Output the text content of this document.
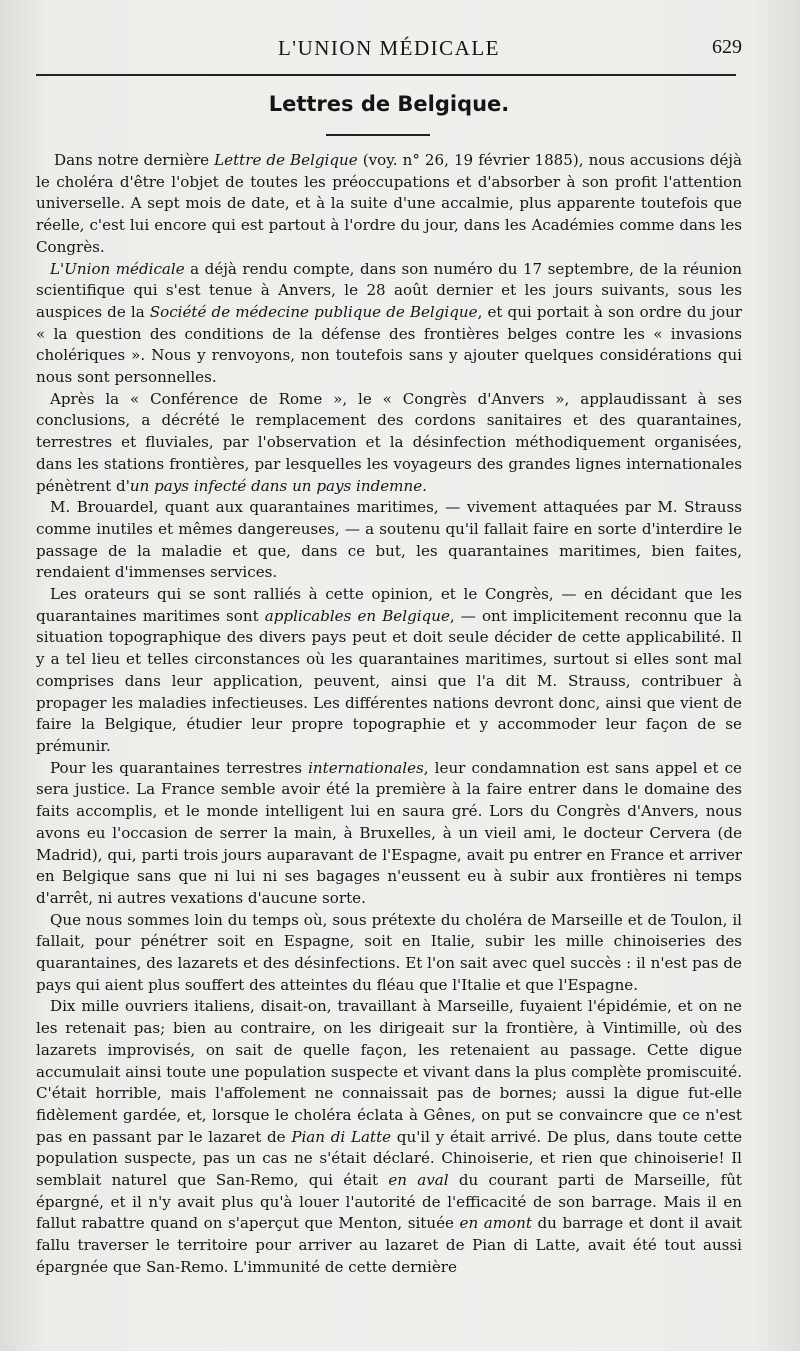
L'UNION MÉDICALE	629
Lettres de Belgique.

Dans notre dernière Lettre de Belgique (voy. n° 26, 19 février 1885), nous accusions déjà le choléra d'être l'objet de toutes les préoccupations et d'absorber à son profit l'attention universelle. A sept mois de date, et à la suite d'une accalmie, plus apparente toutefois que réelle, c'est lui encore qui est partout à l'ordre du jour, dans les Académies comme dans les Congrès.

L'Union médicale a déjà rendu compte, dans son numéro du 17 septembre, de la réunion scientifique qui s'est tenue à Anvers, le 28 août dernier et les jours suivants, sous les auspices de la Société de médecine publique de Belgique, et qui portait à son ordre du jour « la question des conditions de la défense des frontières belges contre les « invasions cholériques ». Nous y renvoyons, non toutefois sans y ajouter quelques considérations qui nous sont personnelles.

Après la « Conférence de Rome », le « Congrès d'Anvers », applaudissant à ses conclusions, a décrété le remplacement des cordons sanitaires et des quarantaines, terrestres et fluviales, par l'observation et la désinfection méthodiquement organisées, dans les stations frontières, par lesquelles les voyageurs des grandes lignes internationales pénètrent d'un pays infecté dans un pays indemne.

M. Brouardel, quant aux quarantaines maritimes, — vivement attaquées par M. Strauss comme inutiles et mêmes dangereuses, — a soutenu qu'il fallait faire en sorte d'interdire le passage de la maladie et que, dans ce but, les quarantaines maritimes, bien faites, rendaient d'immenses services.

Les orateurs qui se sont ralliés à cette opinion, et le Congrès, — en décidant que les quarantaines maritimes sont applicables en Belgique, — ont implicitement reconnu que la situation topographique des divers pays peut et doit seule décider de cette applicabilité. Il y a tel lieu et telles circonstances où les quarantaines maritimes, surtout si elles sont mal comprises dans leur application, peuvent, ainsi que l'a dit M. Strauss, contribuer à propager les maladies infectieuses. Les différentes nations devront donc, ainsi que vient de faire la Belgique, étudier leur propre topographie et y accommoder leur façon de se prémunir.

Pour les quarantaines terrestres internationales, leur condamnation est sans appel et ce sera justice. La France semble avoir été la première à la faire entrer dans le domaine des faits accomplis, et le monde intelligent lui en saura gré. Lors du Congrès d'Anvers, nous avons eu l'occasion de serrer la main, à Bruxelles, à un vieil ami, le docteur Cervera (de Madrid), qui, parti trois jours auparavant de l'Espagne, avait pu entrer en France et arriver en Belgique sans que ni lui ni ses bagages n'eussent eu à subir aux frontières ni temps d'arrêt, ni autres vexations d'aucune sorte.

Que nous sommes loin du temps où, sous prétexte du choléra de Marseille et de Toulon, il fallait, pour pénétrer soit en Espagne, soit en Italie, subir les mille chinoiseries des quarantaines, des lazarets et des désinfections. Et l'on sait avec quel succès : il n'est pas de pays qui aient plus souffert des atteintes du fléau que l'Italie et que l'Espagne.

Dix mille ouvriers italiens, disait-on, travaillant à Marseille, fuyaient l'épidémie, et on ne les retenait pas; bien au contraire, on les dirigeait sur la frontière, à Vintimille, où des lazarets improvisés, on sait de quelle façon, les retenaient au passage. Cette digue accumulait ainsi toute une population suspecte et vivant dans la plus complète promiscuité. C'était horrible, mais l'affolement ne connaissait pas de bornes; aussi la digue fut-elle fidèlement gardée, et, lorsque le choléra éclata à Gênes, on put se convaincre que ce n'est pas en passant par le lazaret de Pian di Latte qu'il y était arrivé. De plus, dans toute cette population suspecte, pas un cas ne s'était déclaré. Chinoiserie, et rien que chinoiserie! Il semblait naturel que San-Remo, qui était en aval du courant parti de Marseille, fût épargné, et il n'y avait plus qu'à louer l'autorité de l'efficacité de son barrage. Mais il en fallut rabattre quand on s'aperçut que Menton, située en amont du barrage et dont il avait fallu traverser le territoire pour arriver au lazaret de Pian di Latte, avait été tout aussi épargnée que San-Remo. L'immunité de cette dernière
